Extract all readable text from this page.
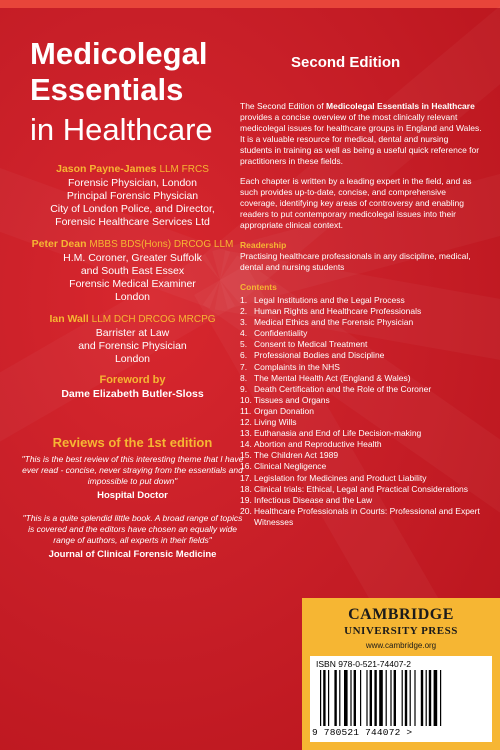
Medicolegal
Essentials
in Healthcare
Second Edition
Jason Payne-James LLM FRCS
Forensic Physician, London
Principal Forensic Physician
City of London Police, and Director,
Forensic Healthcare Services Ltd
Peter Dean MBBS BDS(Hons) DRCOG LLM
H.M. Coroner, Greater Suffolk
and South East Essex
Forensic Medical Examiner
London
Ian Wall LLM DCH DRCOG MRCPG
Barrister at Law
and Forensic Physician
London
Foreword by
Dame Elizabeth Butler-Sloss
Reviews of the 1st edition
"This is the best review of this interesting theme that I have ever read - concise, never straying from the essentials and impossible to put down"
Hospital Doctor
"This is a quite splendid little book. A broad range of topics is covered and the editors have chosen an equally wide range of authors, all experts in their fields"
Journal of Clinical Forensic Medicine

The Second Edition of Medicolegal Essentials in Healthcare provides a concise overview of the most clinically relevant medicolegal issues for healthcare groups in England and Wales. It is a valuable resource for medical, dental and nursing students in training as well as being a useful quick reference for practitioners in these fields.

Each chapter is written by a leading expert in the field, and as such provides up-to-date, concise, and comprehensive coverage, identifying key areas of controversy and enabling readers to put contemporary medicolegal issues into their appropriate clinical context.

Readership

Practising healthcare professionals in any discipline, medical, dental and nursing students

Contents
1. Legal Institutions and the Legal Process
2. Human Rights and Healthcare Professionals
3. Medical Ethics and the Forensic Physician
4. Confidentiality
5. Consent to Medical Treatment
6. Professional Bodies and Discipline
7. Complaints in the NHS
8. The Mental Health Act (England & Wales)
9. Death Certification and the Role of the Coroner
10. Tissues and Organs
11. Organ Donation
12. Living Wills
13. Euthanasia and End of Life Decision-making
14. Abortion and Reproductive Health
15. The Children Act 1989
16. Clinical Negligence
17. Legislation for Medicines and Product Liability
18. Clinical trials: Ethical, Legal and Practical Considerations
19. Infectious Disease and the Law
20. Healthcare Professionals in Courts: Professional and Expert Witnesses
CAMBRIDGE
UNIVERSITY PRESS
www.cambridge.org
ISBN 978-0-521-74407-2
9 780521 744072 >
